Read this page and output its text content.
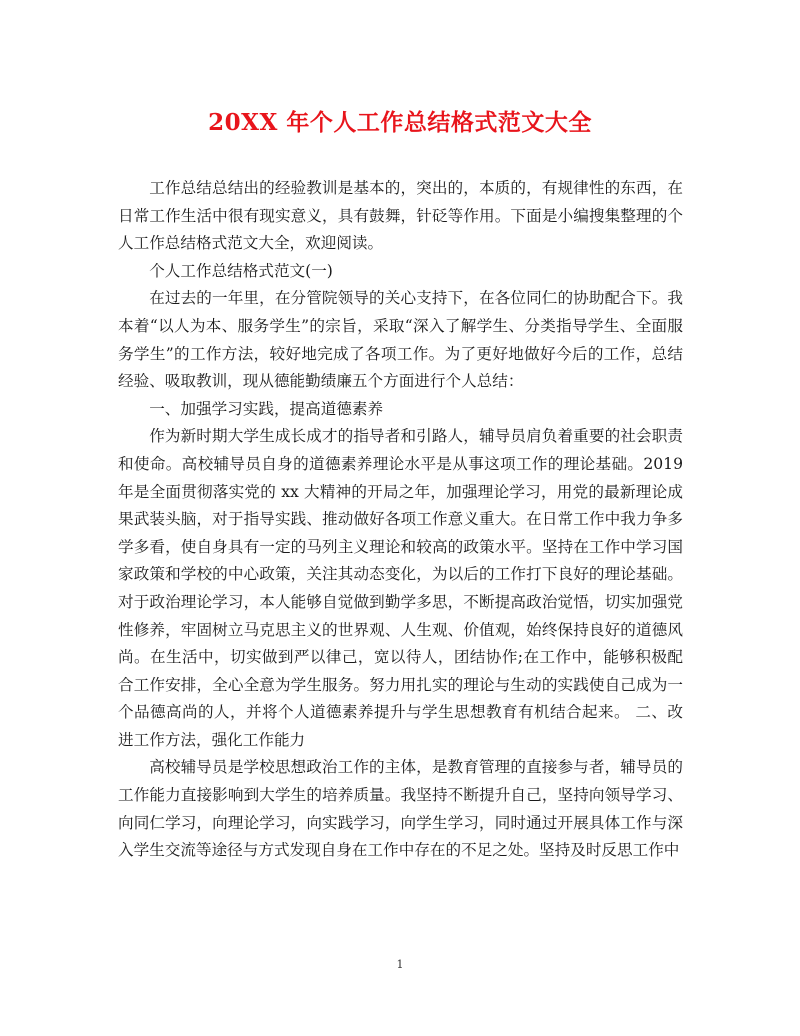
20XX 年个人工作总结格式范文大全

工作总结总结出的经验教训是基本的，突出的，本质的，有规律性的东西，在日常工作生活中很有现实意义，具有鼓舞，针砭等作用。下面是小编搜集整理的个人工作总结格式范文大全，欢迎阅读。

个人工作总结格式范文(一)

在过去的一年里，在分管院领导的关心支持下，在各位同仁的协助配合下。我本着“以人为本、服务学生”的宗旨，采取“深入了解学生、分类指导学生、全面服务学生”的工作方法，较好地完成了各项工作。为了更好地做好今后的工作，总结经验、吸取教训，现从德能勤绩廉五个方面进行个人总结：

一、加强学习实践，提高道德素养

作为新时期大学生成长成才的指导者和引路人，辅导员肩负着重要的社会职责和使命。高校辅导员自身的道德素养理论水平是从事这项工作的理论基础。2019 年是全面贯彻落实党的 xx 大精神的开局之年，加强理论学习，用党的最新理论成果武装头脑，对于指导实践、推动做好各项工作意义重大。在日常工作中我力争多学多看，使自身具有一定的马列主义理论和较高的政策水平。坚持在工作中学习国家政策和学校的中心政策，关注其动态变化，为以后的工作打下良好的理论基础。对于政治理论学习，本人能够自觉做到勤学多思，不断提高政治觉悟，切实加强党性修养，牢固树立马克思主义的世界观、人生观、价值观，始终保持良好的道德风尚。在生活中，切实做到严以律己，宽以待人，团结协作;在工作中，能够积极配合工作安排，全心全意为学生服务。努力用扎实的理论与生动的实践使自己成为一个品德高尚的人，并将个人道德素养提升与学生思想教育有机结合起来。 二、改进工作方法，强化工作能力

高校辅导员是学校思想政治工作的主体，是教育管理的直接参与者，辅导员的工作能力直接影响到大学生的培养质量。我坚持不断提升自己，坚持向领导学习、向同仁学习，向理论学习，向实践学习，向学生学习，同时通过开展具体工作与深入学生交流等途径与方式发现自身在工作中存在的不足之处。坚持及时反思工作中

1
